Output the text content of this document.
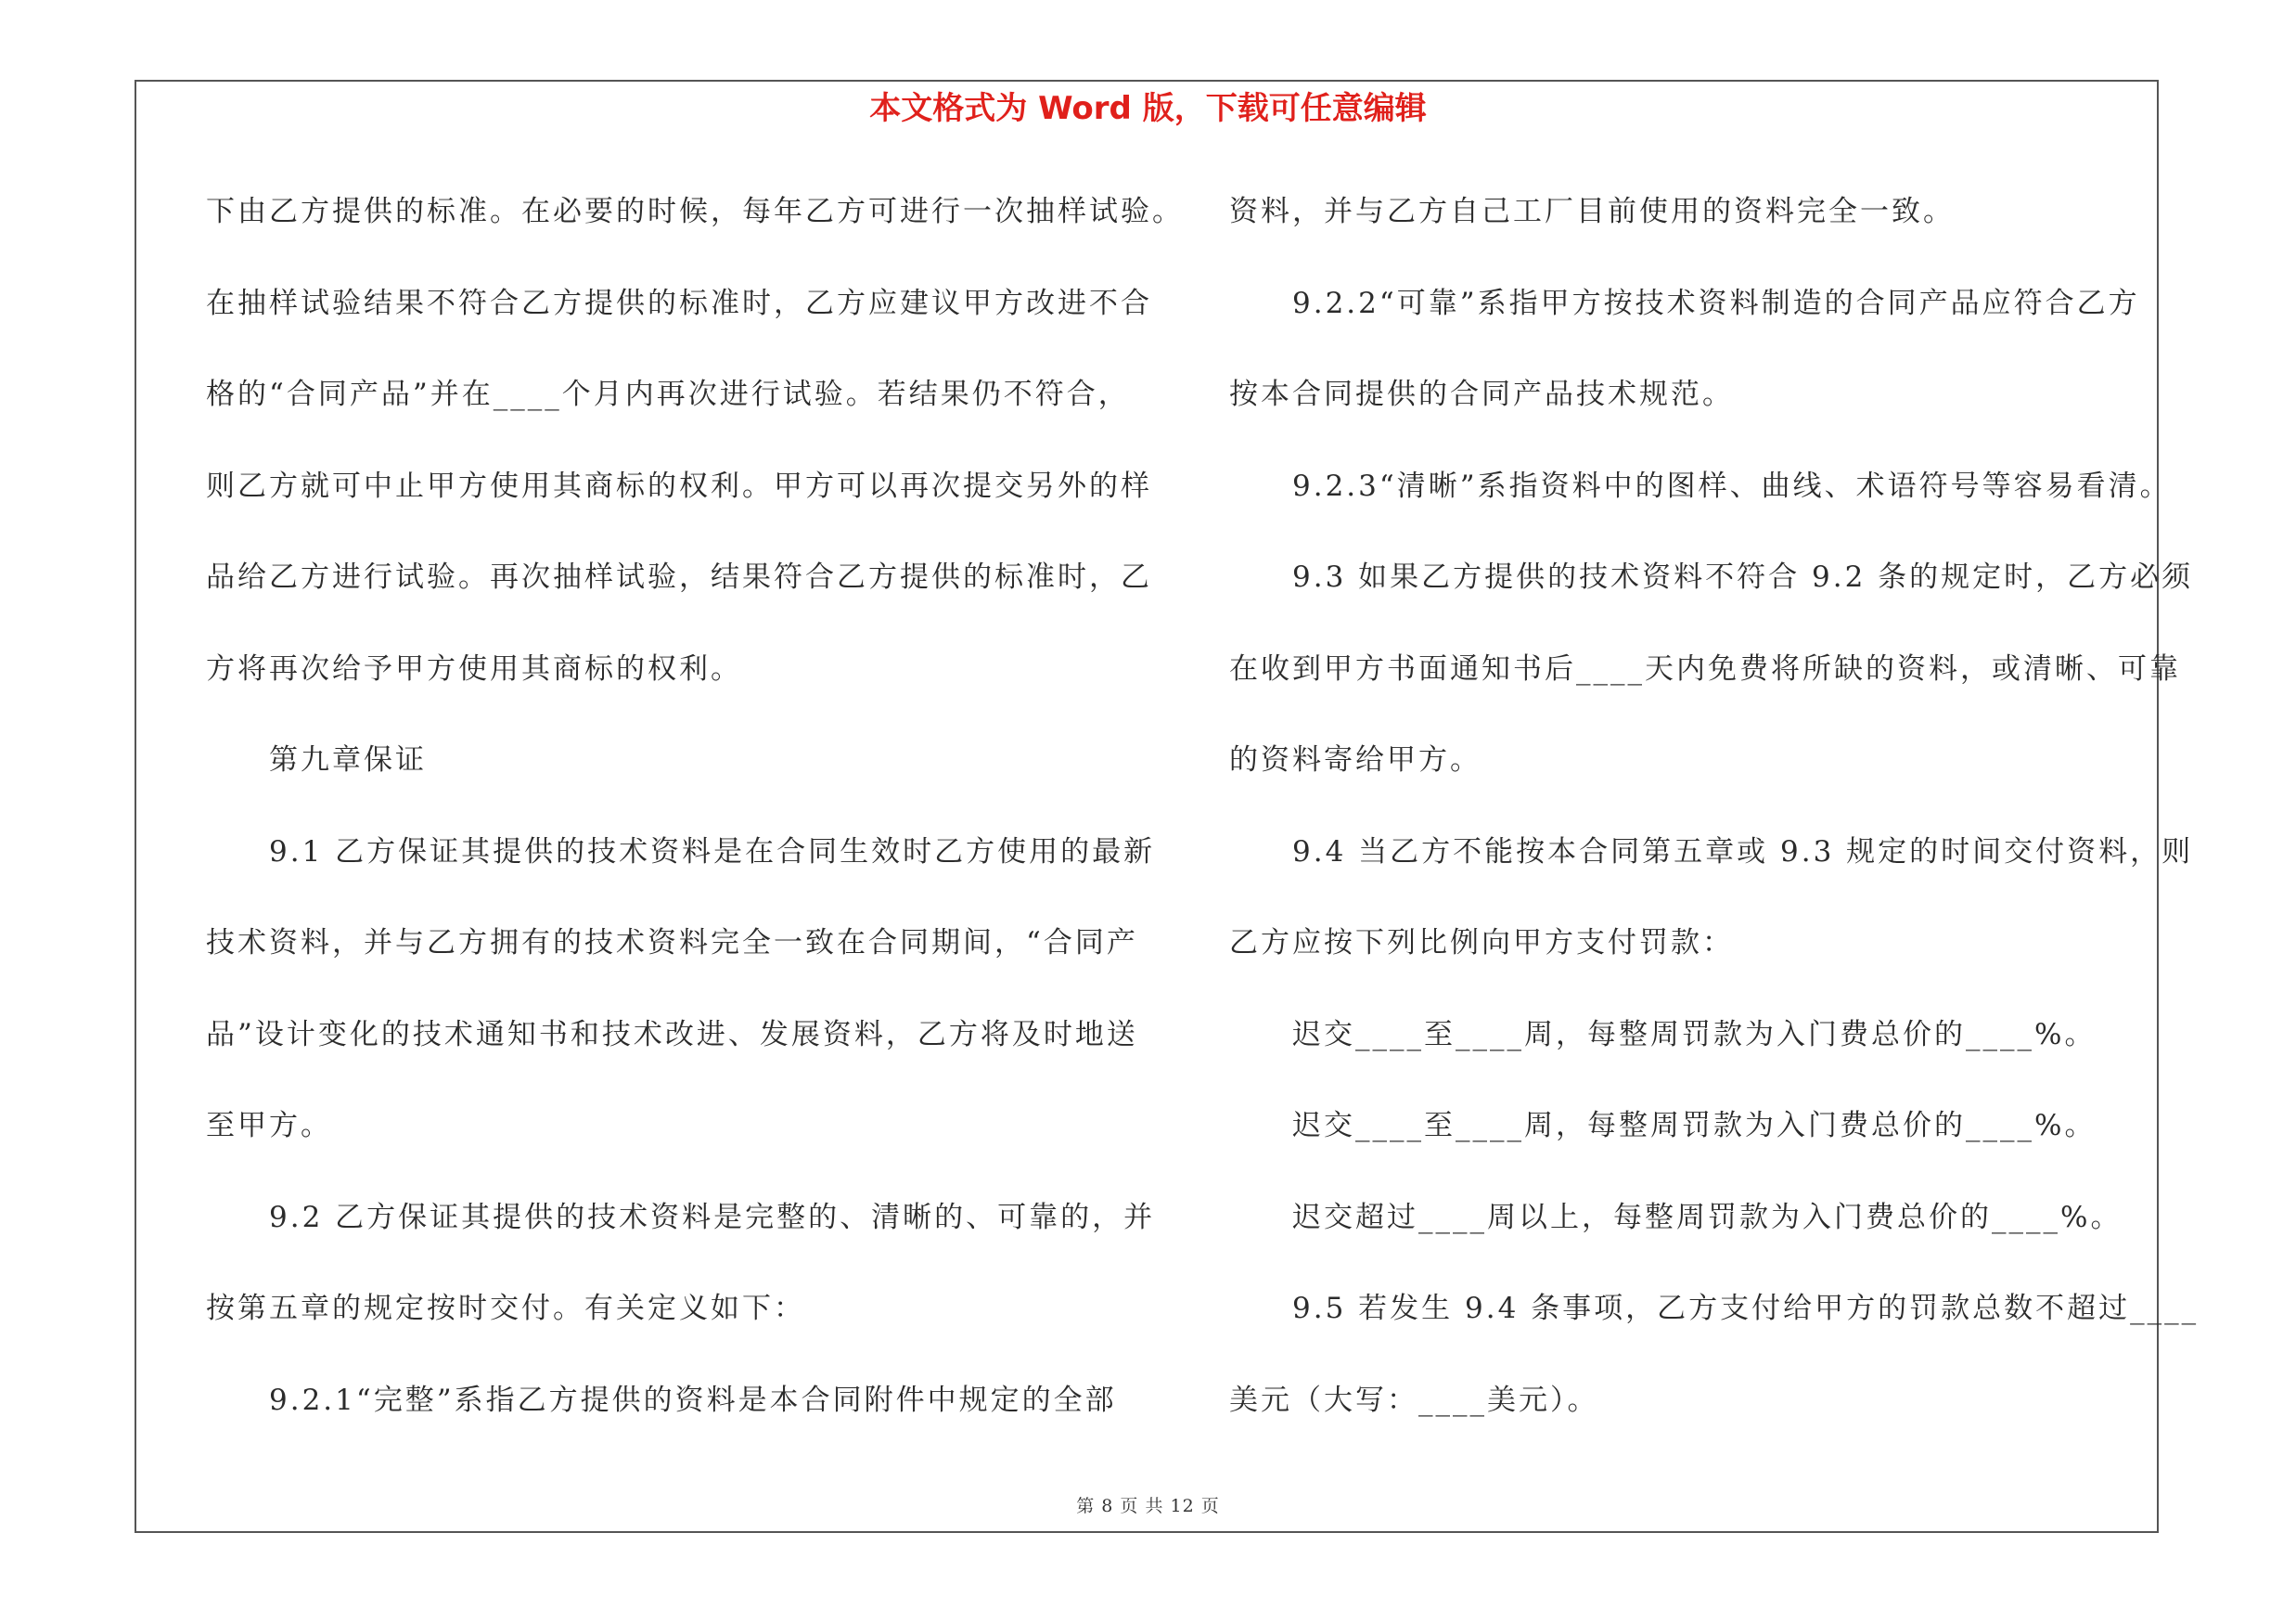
本文格式为 Word 版，下载可任意编辑
下由乙方提供的标准。在必要的时候，每年乙方可进行一次抽样试验。
在抽样试验结果不符合乙方提供的标准时，乙方应建议甲方改进不合
格的“合同产品”并在____个月内再次进行试验。若结果仍不符合，
则乙方就可中止甲方使用其商标的权利。甲方可以再次提交另外的样
品给乙方进行试验。再次抽样试验，结果符合乙方提供的标准时，乙
方将再次给予甲方使用其商标的权利。
第九章保证
9.1 乙方保证其提供的技术资料是在合同生效时乙方使用的最新
技术资料，并与乙方拥有的技术资料完全一致在合同期间，“合同产
品”设计变化的技术通知书和技术改进、发展资料，乙方将及时地送
至甲方。
9.2 乙方保证其提供的技术资料是完整的、清晰的、可靠的，并
按第五章的规定按时交付。有关定义如下：
9.2.1“完整”系指乙方提供的资料是本合同附件中规定的全部
资料，并与乙方自己工厂目前使用的资料完全一致。
9.2.2“可靠”系指甲方按技术资料制造的合同产品应符合乙方
按本合同提供的合同产品技术规范。
9.2.3“清晰”系指资料中的图样、曲线、术语符号等容易看清。
9.3 如果乙方提供的技术资料不符合 9.2 条的规定时，乙方必须
在收到甲方书面通知书后____天内免费将所缺的资料，或清晰、可靠
的资料寄给甲方。
9.4 当乙方不能按本合同第五章或 9.3 规定的时间交付资料，则
乙方应按下列比例向甲方支付罚款：
迟交____至____周，每整周罚款为入门费总价的____%。
迟交____至____周，每整周罚款为入门费总价的____%。
迟交超过____周以上，每整周罚款为入门费总价的____%。
9.5 若发生 9.4 条事项，乙方支付给甲方的罚款总数不超过____
美元（大写：____美元）。
第 8 页 共 12 页
